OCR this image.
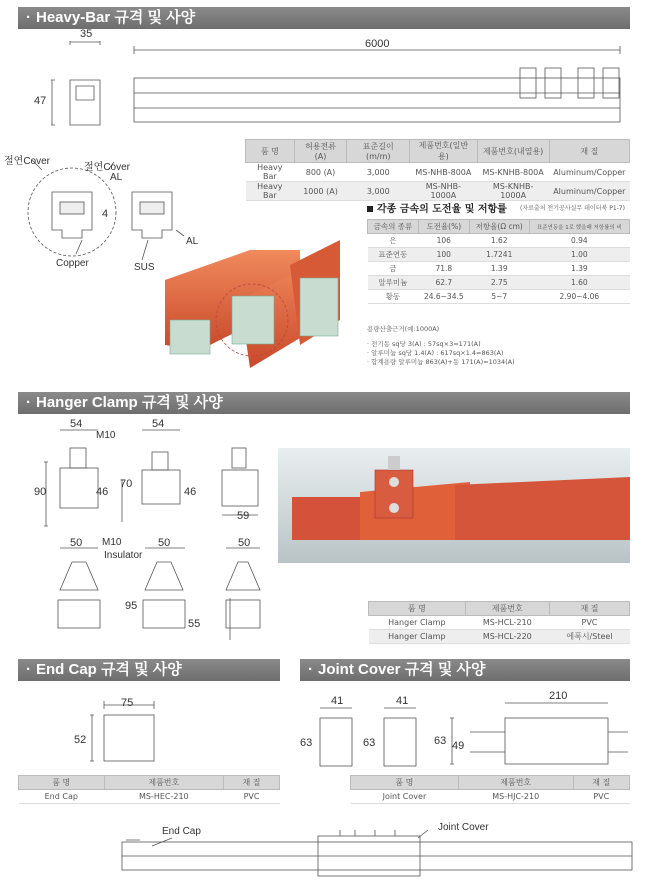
· Heavy-Bar 규격 및 사양
· Hanger Clamp 규격 및 사양
· End Cap 규격 및 사양	· Joint Cover 규격 및 사양
35
47
6000
4
절연Cover
절연Cover
AL
AL
Copper	SUS
품 명	허용전류 (A)	표준길이(m/m)	제품번호(일반용)	제품번호(내열용)	재 질
Heavy Bar	800 (A)	3,000	MS-NHB-800A	MS-KNHB-800A	Aluminum/Copper
Heavy Bar	1000 (A)	3,000	MS-NHB-1000A	MS-KNHB-1000A	Aluminum/Copper
각종 금속의 도전율 및 저항률 (자료출처 전기공사실무 데이터북 P1-7)
금속의 종류	도전율(%)	저항율(Ω cm)	표준연동을 1로 했을때 저항률의 비
은	106	1.62	0.94
표준연동	100	1.7241	1.00
금	71.8	1.39	1.39
알루미늄	62.7	2.75	1.60
황동	24.6~34.5	5~7	2.90~4.06
용량산출근거(예:1000A)
· 전기동 sq당 3(A) : 57sq×3=171(A)
· 알루미늄 sq당 1.4(A) : 617sq×1.4=863(A)
· 합계용량 알루미늄 863(A)+동 171(A)=1034(A)
54	54
M10
90	46
70
46
59
50 M10
Insulator
50	50
95
55
품 명	제품번호	재 질
Hanger Clamp	MS-HCL-210	PVC
Hanger Clamp	MS-HCL-220	에폭시/Steel
75
52
품 명	제품번호	재 질
End Cap	MS-HEC-210	PVC
41	41	210
63	63	63 49
품 명	제품번호	재 질
Joint Cover	MS-HJC-210	PVC
End Cap	Joint Cover
